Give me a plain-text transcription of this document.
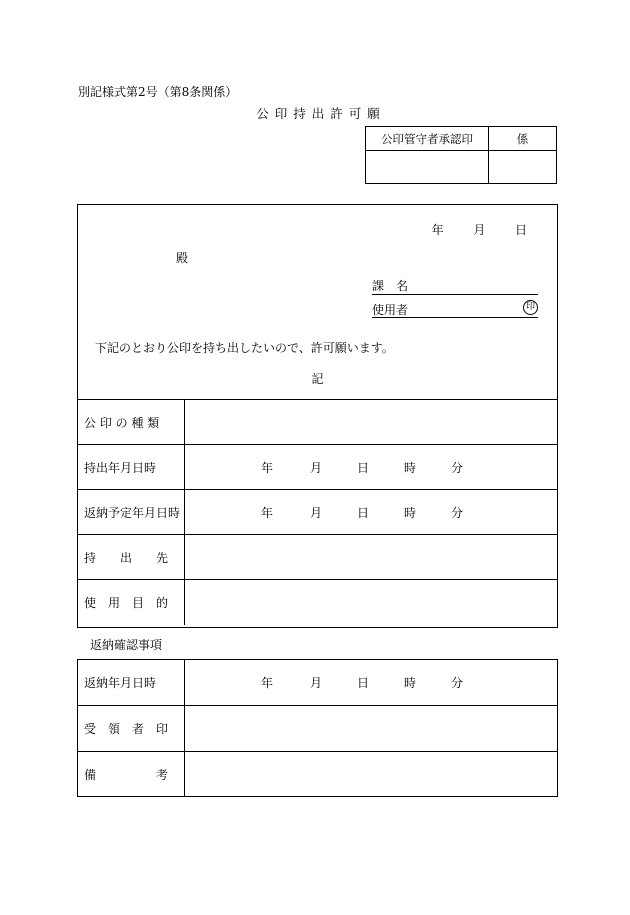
別記様式第2号（第8条関係）
公印持出許可願
公印管守者承認印	係
年 月 日
殿
課　名
使用者	印
下記のとおり公印を持ち出したいので、許可願います。
記
公 印 の 種 類
持出年月日時	年	月	日	時	分
返納予定年月日時	年	月	日	時	分
持　　出　　先
使　用　目　的
返納確認事項
返納年月日時	年	月	日	時	分
受　領　者　印
備　　　　　考
